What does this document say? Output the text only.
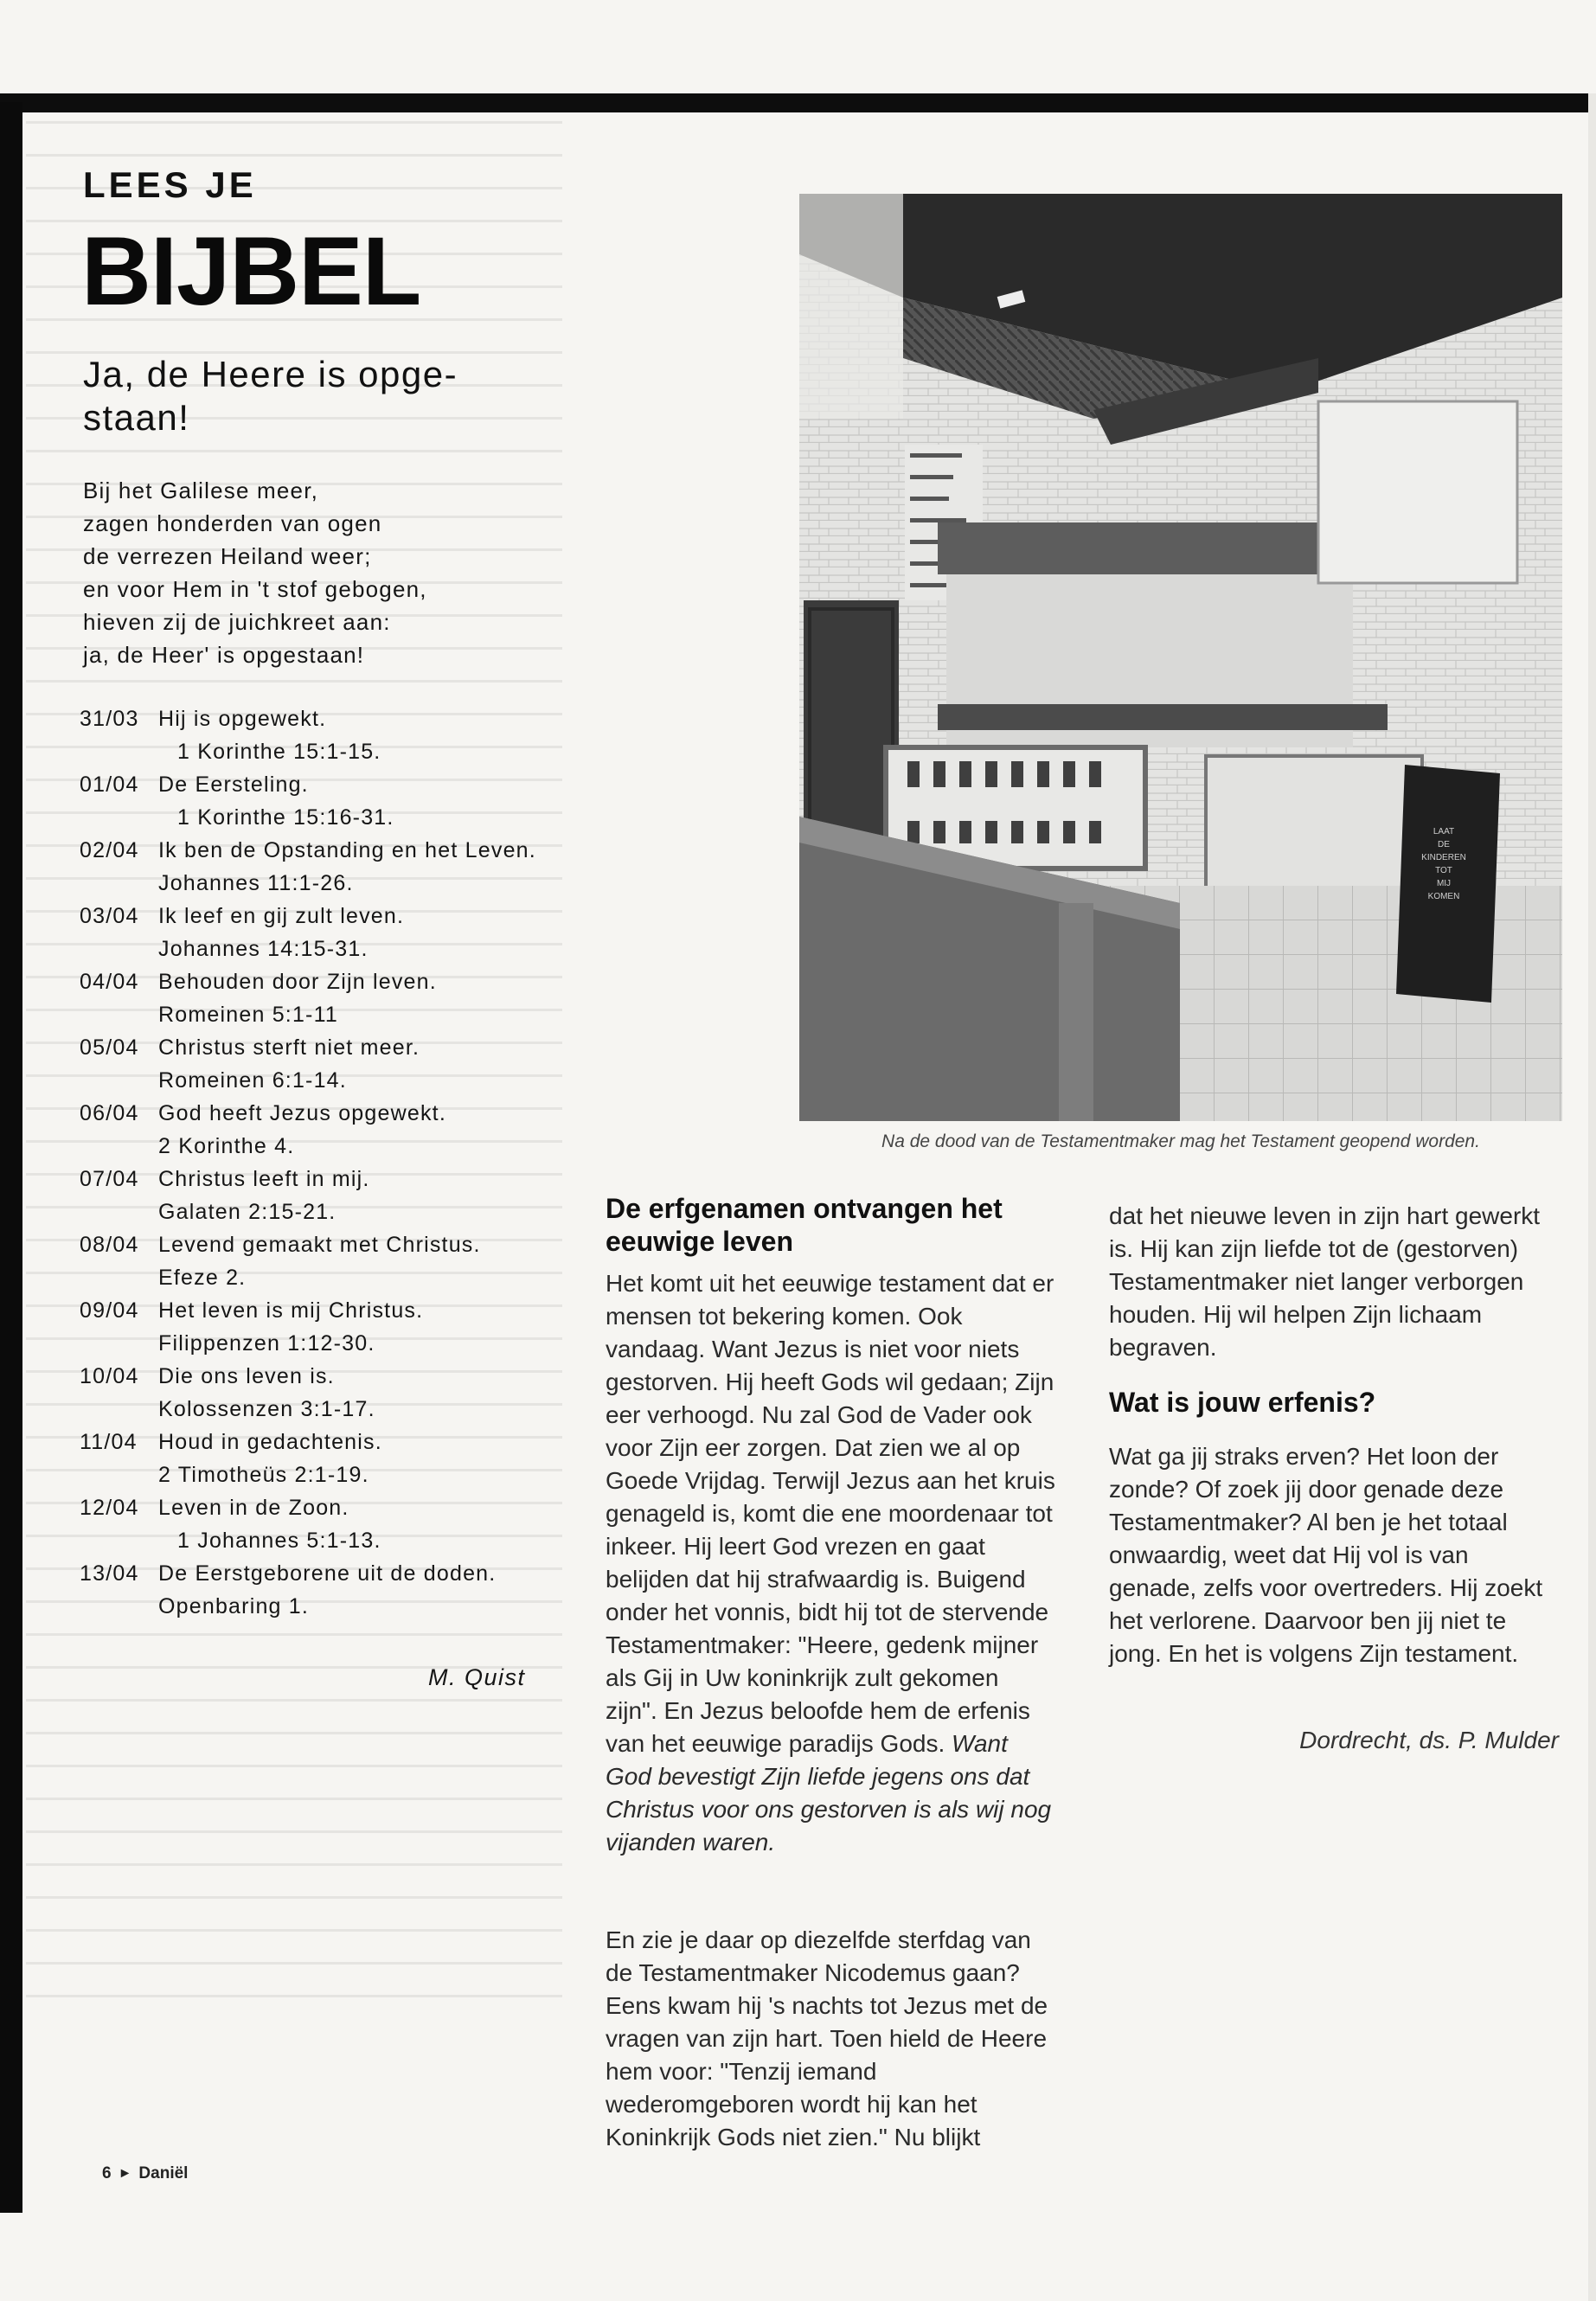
LEES JE
BIJBEL
Ja, de Heere is opge-staan!
Bij het Galilese meer,
zagen honderden van ogen
de verrezen Heiland weer;
en voor Hem in 't stof gebogen,
hieven zij de juichkreet aan:
ja, de Heer' is opgestaan!
31/03 Hij is opgewekt.
1 Korinthe 15:1-15.
01/04 De Eersteling.
1 Korinthe 15:16-31.
02/04 Ik ben de Opstanding en het Leven.
Johannes 11:1-26.
03/04 Ik leef en gij zult leven.
Johannes 14:15-31.
04/04 Behouden door Zijn leven.
Romeinen 5:1-11
05/04 Christus sterft niet meer.
Romeinen 6:1-14.
06/04 God heeft Jezus opgewekt.
2 Korinthe 4.
07/04 Christus leeft in mij.
Galaten 2:15-21.
08/04 Levend gemaakt met Christus.
Efeze 2.
09/04 Het leven is mij Christus.
Filippenzen 1:12-30.
10/04 Die ons leven is.
Kolossenzen 3:1-17.
11/04 Houd in gedachtenis.
2 Timotheüs 2:1-19.
12/04 Leven in de Zoon.
1 Johannes 5:1-13.
13/04 De Eerstgeborene uit de doden.
Openbaring 1.
M. Quist
6 ► Daniël
LAAT
DE
KINDEREN
TOT
MIJ
KOMEN
Na de dood van de Testamentmaker mag het Testament geopend worden.
De erfgenamen ontvangen het eeuwige leven

Het komt uit het eeuwige testament dat er mensen tot bekering komen. Ook vandaag. Want Jezus is niet voor niets gestorven. Hij heeft Gods wil gedaan; Zijn eer verhoogd. Nu zal God de Vader ook voor Zijn eer zorgen. Dat zien we al op Goede Vrijdag. Terwijl Jezus aan het kruis genageld is, komt die ene moordenaar tot inkeer. Hij leert God vrezen en gaat belijden dat hij strafwaardig is. Buigend onder het vonnis, bidt hij tot de stervende Testamentmaker: "Heere, gedenk mijner als Gij in Uw koninkrijk zult gekomen zijn". En Jezus beloofde hem de erfenis van het eeuwige paradijs Gods. Want God bevestigt Zijn liefde jegens ons dat Christus voor ons gestorven is als wij nog vijanden waren.

En zie je daar op diezelfde sterfdag van de Testamentmaker Nicodemus gaan? Eens kwam hij 's nachts tot Jezus met de vragen van zijn hart. Toen hield de Heere hem voor: "Tenzij iemand wederomgeboren wordt hij kan het Koninkrijk Gods niet zien." Nu blijkt

dat het nieuwe leven in zijn hart gewerkt is. Hij kan zijn liefde tot de (gestorven) Testamentmaker niet langer verborgen houden. Hij wil helpen Zijn lichaam begraven.

Wat is jouw erfenis?

Wat ga jij straks erven? Het loon der zonde? Of zoek jij door genade deze Testamentmaker? Al ben je het totaal onwaardig, weet dat Hij vol is van genade, zelfs voor overtreders. Hij zoekt het verlorene. Daarvoor ben jij niet te jong. En het is volgens Zijn testament.

Dordrecht, ds. P. Mulder
